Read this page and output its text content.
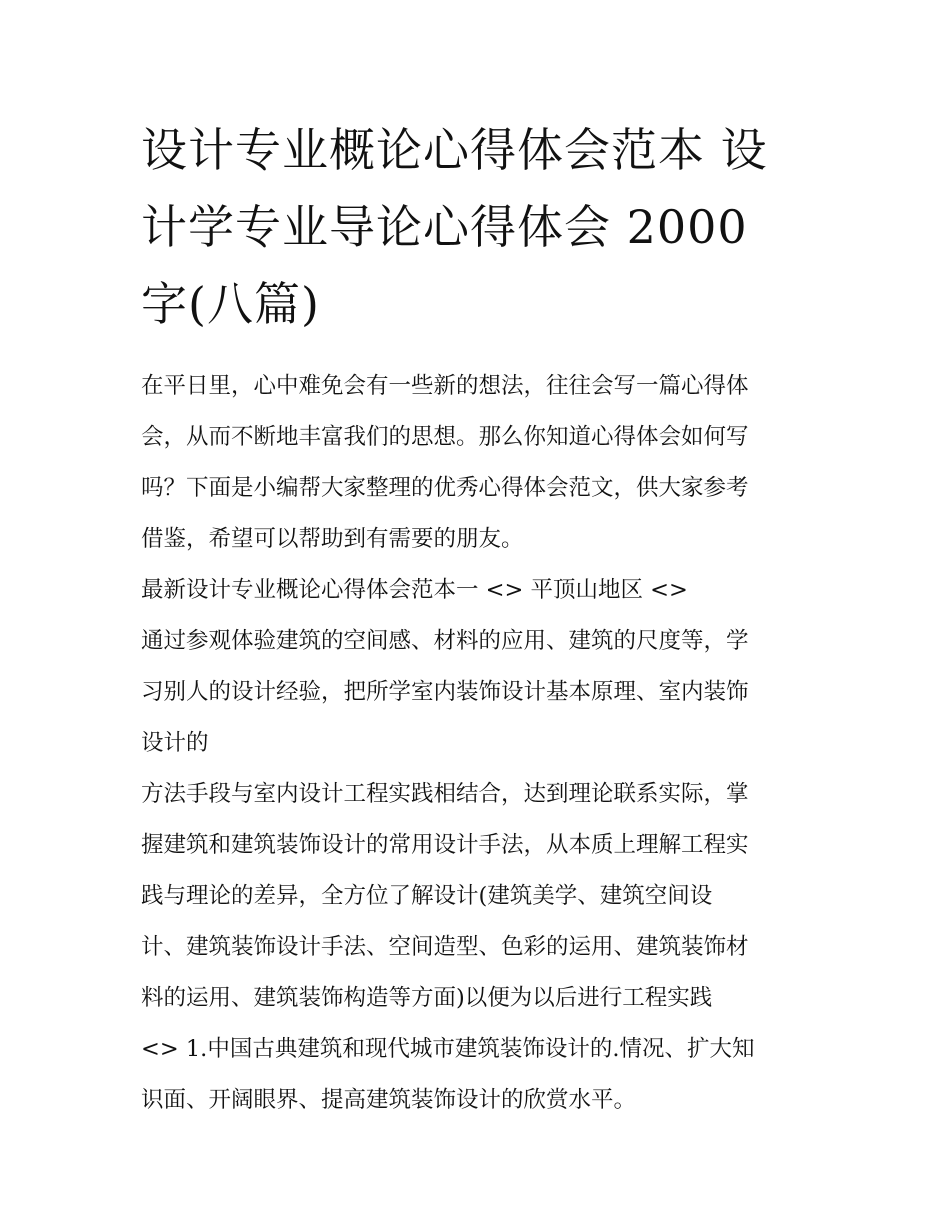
设计专业概论心得体会范本 设
计学专业导论心得体会 2000
字(八篇)

在平日里，心中难免会有一些新的想法，往往会写一篇心得体
会，从而不断地丰富我们的思想。那么你知道心得体会如何写
吗？下面是小编帮大家整理的优秀心得体会范文，供大家参考
借鉴，希望可以帮助到有需要的朋友。

最新设计专业概论心得体会范本一 <> 平顶山地区 <>

通过参观体验建筑的空间感、材料的应用、建筑的尺度等，学
习别人的设计经验，把所学室内装饰设计基本原理、室内装饰
设计的

方法手段与室内设计工程实践相结合，达到理论联系实际，掌
握建筑和建筑装饰设计的常用设计手法，从本质上理解工程实
践与理论的差异，全方位了解设计(建筑美学、建筑空间设
计、建筑装饰设计手法、空间造型、色彩的运用、建筑装饰材
料的运用、建筑装饰构造等方面)以便为以后进行工程实践

<> 1.中国古典建筑和现代城市建筑装饰设计的.情况、扩大知
识面、开阔眼界、提高建筑装饰设计的欣赏水平。
